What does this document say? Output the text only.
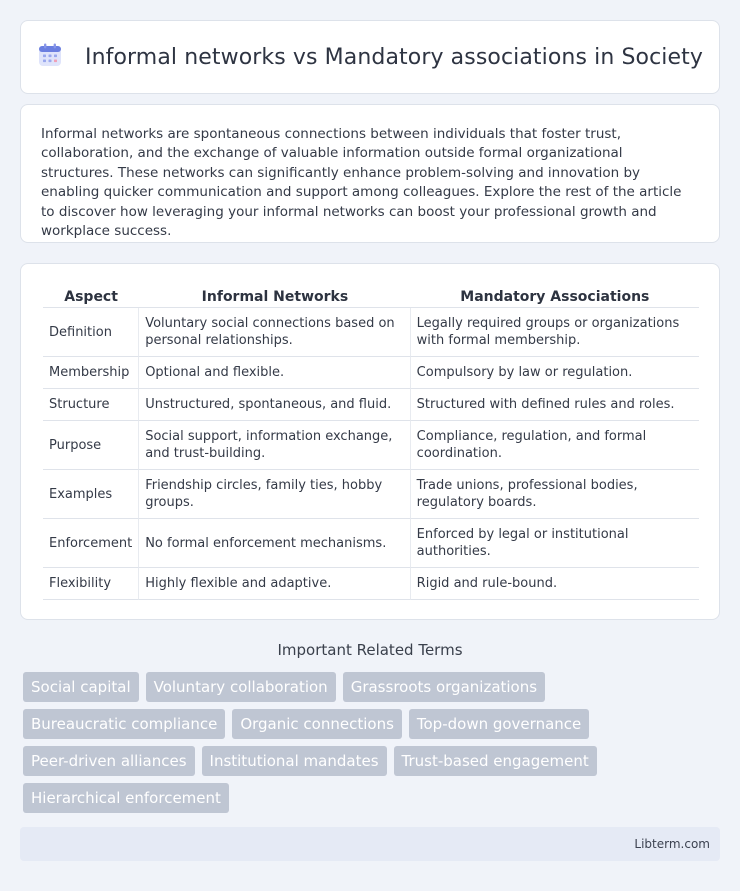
Informal networks vs Mandatory associations in Society

Informal networks are spontaneous connections between individuals that foster trust, collaboration, and the exchange of valuable information outside formal organizational structures. These networks can significantly enhance problem-solving and innovation by enabling quicker communication and support among colleagues. Explore the rest of the article to discover how leveraging your informal networks can boost your professional growth and workplace success.

Aspect	Informal Networks	Mandatory Associations
Definition	Voluntary social connections based on personal relationships.	Legally required groups or organizations with formal membership.
Membership	Optional and flexible.	Compulsory by law or regulation.
Structure	Unstructured, spontaneous, and fluid.	Structured with defined rules and roles.
Purpose	Social support, information exchange, and trust-building.	Compliance, regulation, and formal coordination.
Examples	Friendship circles, family ties, hobby groups.	Trade unions, professional bodies, regulatory boards.
Enforcement	No formal enforcement mechanisms.	Enforced by legal or institutional authorities.
Flexibility	Highly flexible and adaptive.	Rigid and rule-bound.
Important Related Terms
Social capital	Voluntary collaboration	Grassroots organizations
Bureaucratic compliance	Organic connections	Top-down governance
Peer-driven alliances	Institutional mandates	Trust-based engagement
Hierarchical enforcement
Libterm.com
